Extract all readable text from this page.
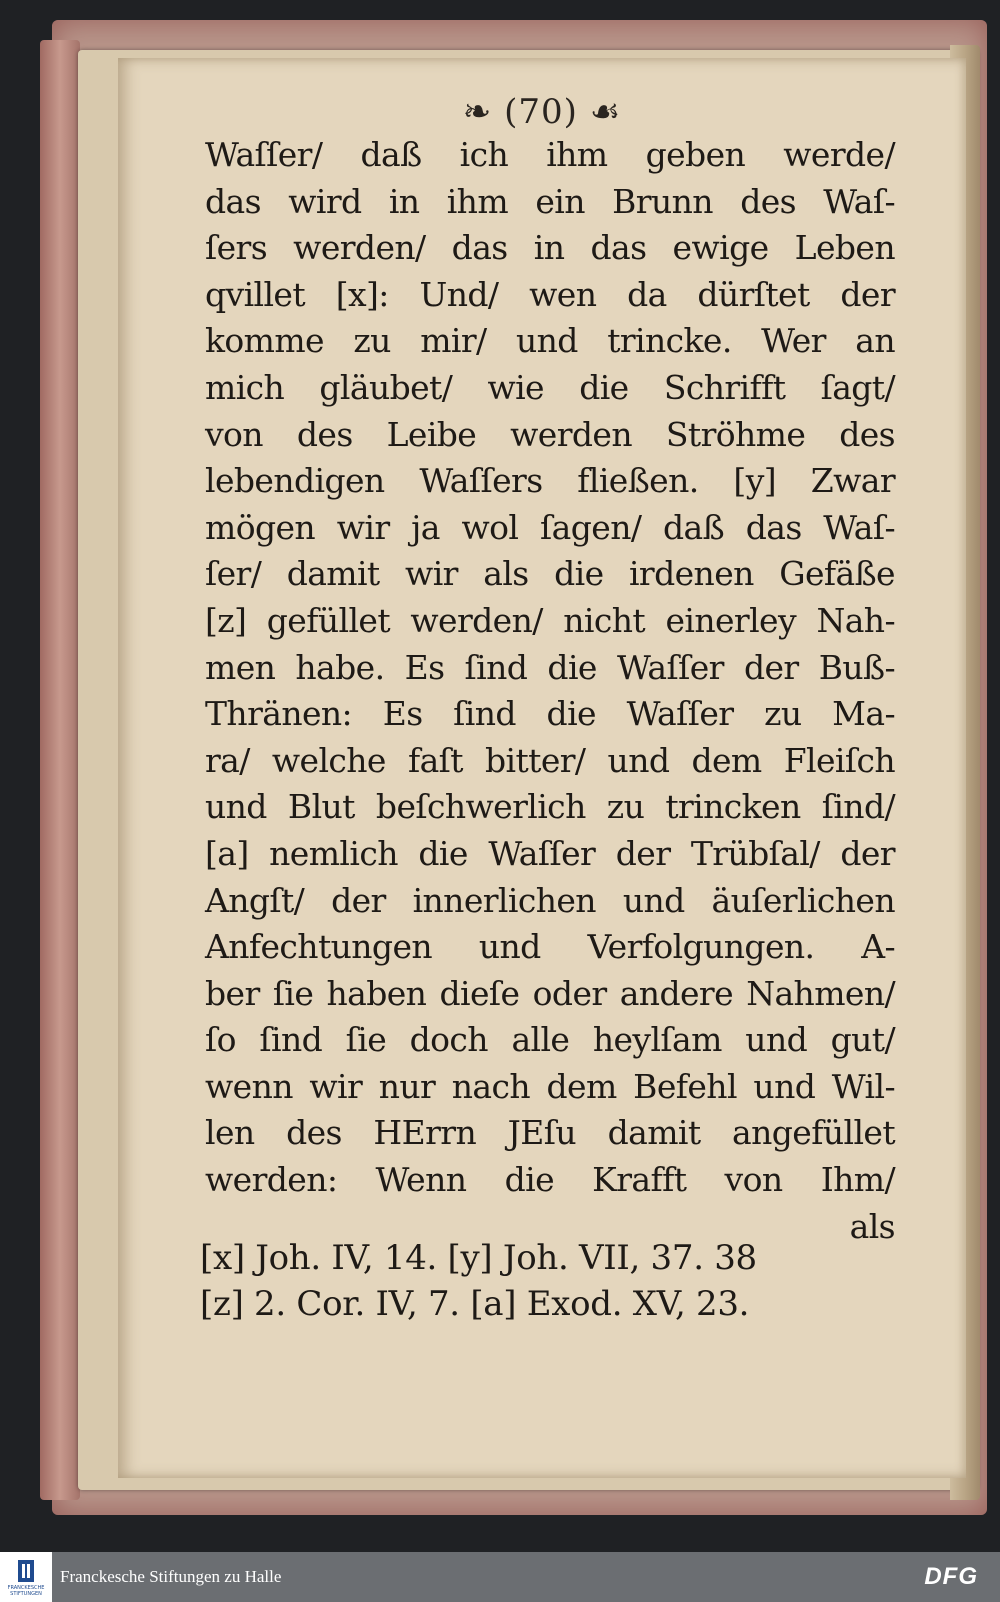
❧ (70) ☙
Waſſer/ daß ich ihm geben werde/
das wird in ihm ein Brunn des Waſ-
ſers werden/ das in das ewige Leben
qvillet [x]: Und/ wen da dürſtet der
komme zu mir/ und trincke. Wer an
mich gläubet/ wie die Schrifft ſagt/
von des Leibe werden Ströhme des
lebendigen Waſſers fließen. [y] Zwar
mögen wir ja wol ſagen/ daß das Waſ-
ſer/ damit wir als die irdenen Gefäße
[z] gefüllet werden/ nicht einerley Nah-
men habe. Es ſind die Waſſer der Buß-
Thränen: Es ſind die Waſſer zu Ma-
ra/ welche faſt bitter/ und dem Fleiſch
und Blut beſchwerlich zu trincken ſind/
[a] nemlich die Waſſer der Trübſal/ der
Angſt/ der innerlichen und äuſerlichen
Anfechtungen und Verfolgungen. A-
ber ſie haben dieſe oder andere Nahmen/
ſo ſind ſie doch alle heylſam und gut/
wenn wir nur nach dem Befehl und Wil-
len des HErrn JEſu damit angefüllet
werden: Wenn die Krafft von Ihm/
als
[x] Joh. IV, 14. [y] Joh. VII, 37. 38
[z] 2. Cor. IV, 7. [a] Exod. XV, 23.
FRANCKESCHE STIFTUNGEN
Franckesche Stiftungen zu Halle	DFG
